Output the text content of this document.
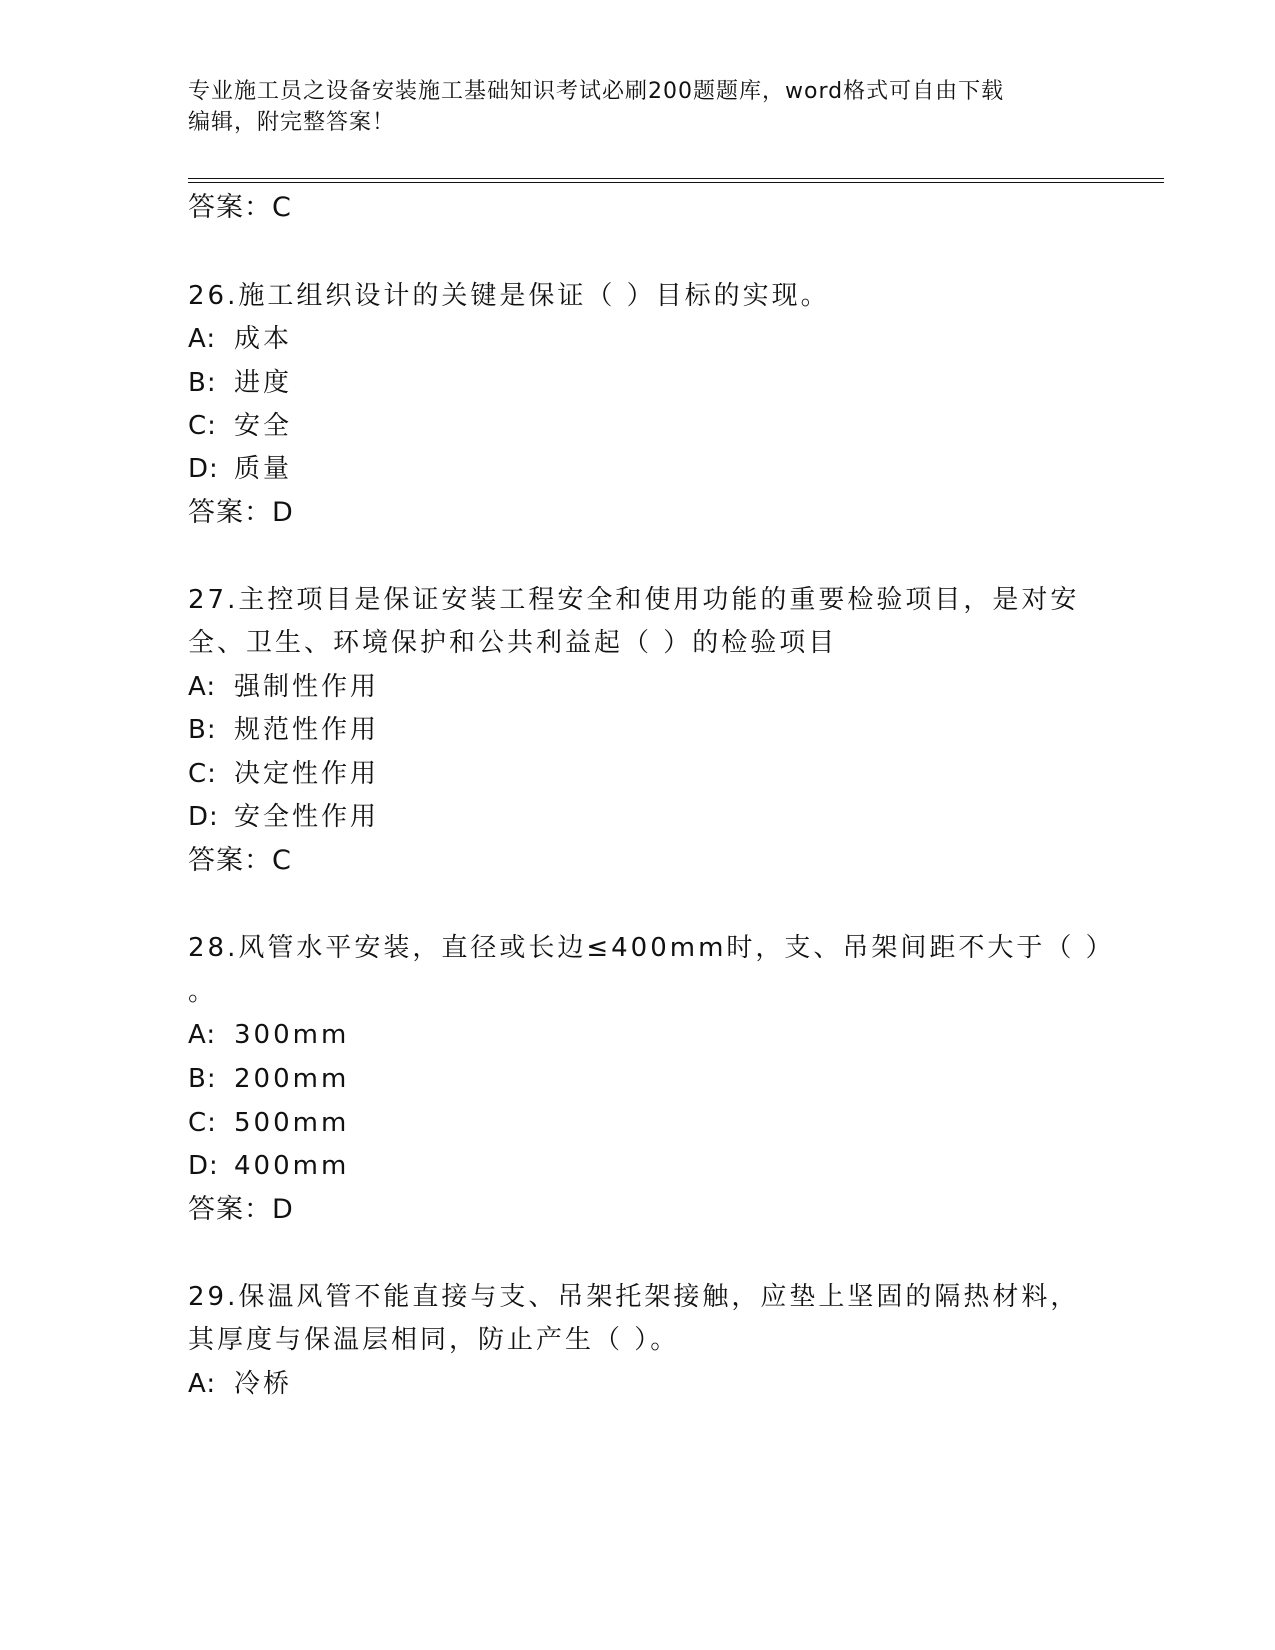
专业施工员之设备安装施工基础知识考试必刷200题题库，word格式可自由下载
编辑，附完整答案！
答案：C
26.施工组织设计的关键是保证（ ）目标的实现。
A: 成本
B: 进度
C: 安全
D: 质量
答案：D
27.主控项目是保证安装工程安全和使用功能的重要检验项目，是对安
全、卫生、环境保护和公共利益起（ ）的检验项目
A: 强制性作用
B: 规范性作用
C: 决定性作用
D: 安全性作用
答案：C
28.风管水平安装，直径或长边≤400mm时，支、吊架间距不大于（ ）
。
A: 300mm
B: 200mm
C: 500mm
D: 400mm
答案：D
29.保温风管不能直接与支、吊架托架接触，应垫上坚固的隔热材料，
其厚度与保温层相同，防止产生（ ）。
A: 冷桥
